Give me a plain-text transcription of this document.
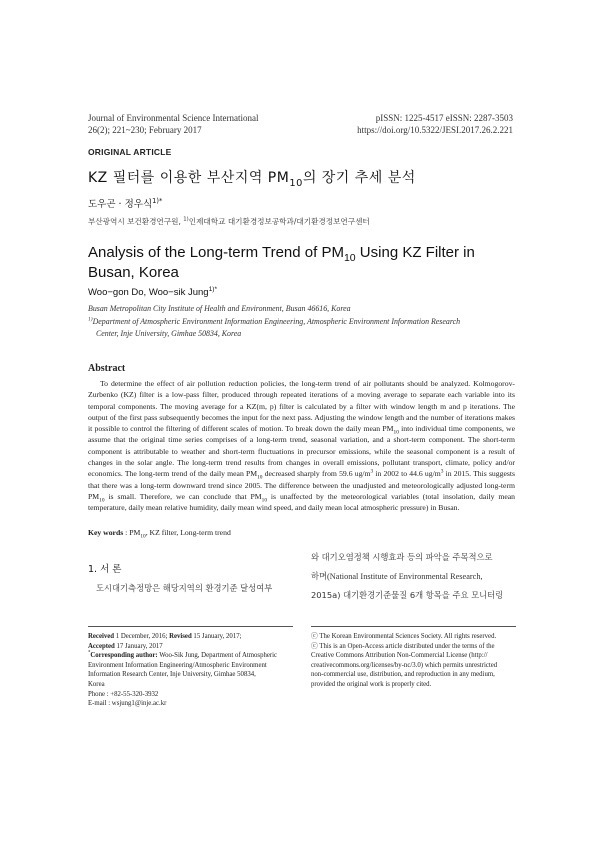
Journal of Environmental Science International
26(2); 221~230; February 2017
pISSN: 1225-4517 eISSN: 2287-3503
https://doi.org/10.5322/JESI.2017.26.2.221
ORIGINAL ARTICLE
KZ 필터를 이용한 부산지역 $PM_{10}$의 장기 추세 분석
도우곤 · 정우식$^{1)*}$
부산광역시 보건환경연구원, $^{1)}$인제대학교 대기환경정보공학과/대기환경정보연구센터
Analysis of the Long-term Trend of $PM_{10}$ Using KZ Filter in
Busan, Korea
Woo−gon Do, Woo−sik Jung$^{1)*}$
Busan Metropolitan City Institute of Health and Environment, Busan 46616, Korea
$^{1)}$Department of Atmospheric Environment Information Engineering, Atmospheric Environment Information Research
Center, Inje University, Gimhae 50834, Korea
Abstract

To determine the effect of air pollution reduction policies, the long-term trend of air pollutants should be analyzed. Kolmogorov-Zurbenko (KZ) filter is a low-pass filter, produced through repeated iterations of a moving average to separate each variable into its temporal components. The moving average for a KZ(m, p) filter is calculated by a filter with window length m and p iterations. The output of the first pass subsequently becomes the input for the next pass. Adjusting the window length and the number of iterations makes it possible to control the filtering of different scales of motion. To break down the daily mean $PM_{10}$ into individual time components, we assume that the original time series comprises of a long-term trend, seasonal variation, and a short-term component. The short-term component is attributable to weather and short-term fluctuations in precursor emissions, while the seasonal component is a result of changes in the solar angle. The long-term trend results from changes in overall emissions, pollutant transport, climate, policy and/or economics. The long-term trend of the daily mean $PM_{10}$ decreased sharply from 59.6 $ug/m^3$ in 2002 to 44.6 $ug/m^3$ in 2015. This suggests that there was a long-term downward trend since 2005. The difference between the unadjusted and meteorologically adjusted long-term $PM_{10}$ is small. Therefore, we can conclude that $PM_{10}$ is unaffected by the meteorological variables (total insolation, daily mean temperature, daily mean relative humidity, daily mean wind speed, and daily mean local atmospheric pressure) in Busan.

Key words : $PM_{10}$, KZ filter, Long-term trend
1. 서 론
도시대기측정망은 해당지역의 환경기준 달성여부
와 대기오염정책 시행효과 등의 파악을 주목적으로
하며(National Institute of Environmental Research,
2015a) 대기환경기준물질 6개 항목을 주요 모니터링
Received 1 December, 2016; Revised 15 January, 2017;
Accepted 17 January, 2017
*Corresponding author: Woo-Sik Jung, Department of Atmospheric
Environment Information Engineering/Atmospheric Environment
Information Research Center, Inje University, Gimhae 50834,
Korea
Phone : +82-55-320-3932
E-mail : wsjung1@inje.ac.kr
ⓒ The Korean Environmental Sciences Society. All rights reserved.
ⓒ This is an Open-Access article distributed under the terms of the
Creative Commons Attribution Non-Commercial License (http://
creativecommons.org/licenses/by-nc/3.0) which permits unrestricted
non-commercial use, distribution, and reproduction in any medium,
provided the original work is properly cited.
